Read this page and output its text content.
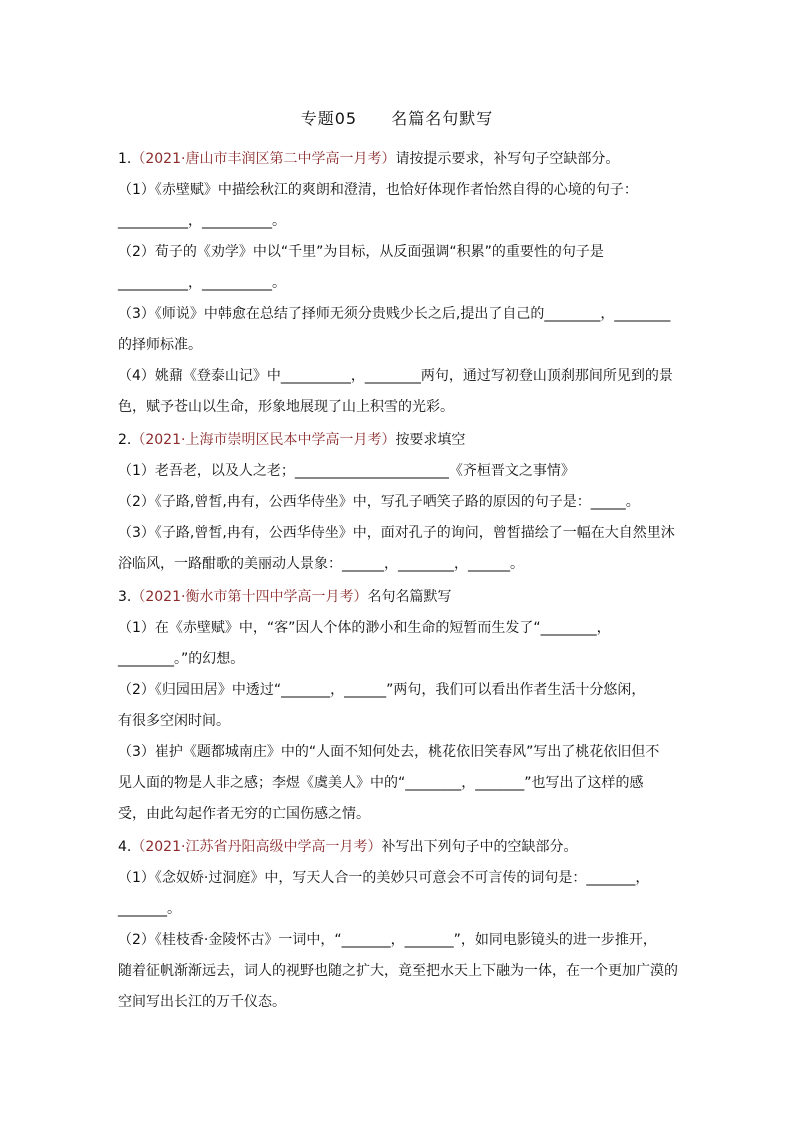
专题05 名篇名句默写
1.（2021·唐山市丰润区第二中学高一月考）请按提示要求，补写句子空缺部分。
（1）《赤壁赋》中描绘秋江的爽朗和澄清，也恰好体现作者怡然自得的心境的句子：
__________，__________。
（2）荀子的《劝学》中以“千里”为目标，从反面强调“积累”的重要性的句子是
__________，__________。
（3）《师说》中韩愈在总结了择师无须分贵贱少长之后,提出了自己的________，________
的择师标准。
（4）姚鼐《登泰山记》中__________，________两句，通过写初登山顶刹那间所见到的景
色，赋予苍山以生命，形象地展现了山上积雪的光彩。
2.（2021·上海市崇明区民本中学高一月考）按要求填空
（1）老吾老，以及人之老；______________________《齐桓晋文之事情》
（2）《子路,曾皙,冉有，公西华侍坐》中，写孔子哂笑子路的原因的句子是：_____。
（3）《子路,曾皙,冉有，公西华侍坐》中，面对孔子的询问，曾皙描绘了一幅在大自然里沐
浴临风，一路酣歌的美丽动人景象：______，________，______。
3.（2021·衡水市第十四中学高一月考）名句名篇默写
（1）在《赤壁赋》中，“客”因人个体的渺小和生命的短暂而生发了“________，
________。”的幻想。
（2）《归园田居》中透过“_______，______”两句，我们可以看出作者生活十分悠闲，
有很多空闲时间。
（3）崔护《题都城南庄》中的“人面不知何处去，桃花依旧笑春风”写出了桃花依旧但不
见人面的物是人非之感；李煜《虞美人》中的“________，_______”也写出了这样的感
受，由此勾起作者无穷的亡国伤感之情。
4.（2021·江苏省丹阳高级中学高一月考）补写出下列句子中的空缺部分。
（1）《念奴娇·过洞庭》中，写天人合一的美妙只可意会不可言传的词句是：_______，
_______。
（2）《桂枝香·金陵怀古》一词中，“_______，_______”，如同电影镜头的进一步推开，
随着征帆渐渐远去，词人的视野也随之扩大，竟至把水天上下融为一体，在一个更加广漠的
空间写出长江的万千仪态。
